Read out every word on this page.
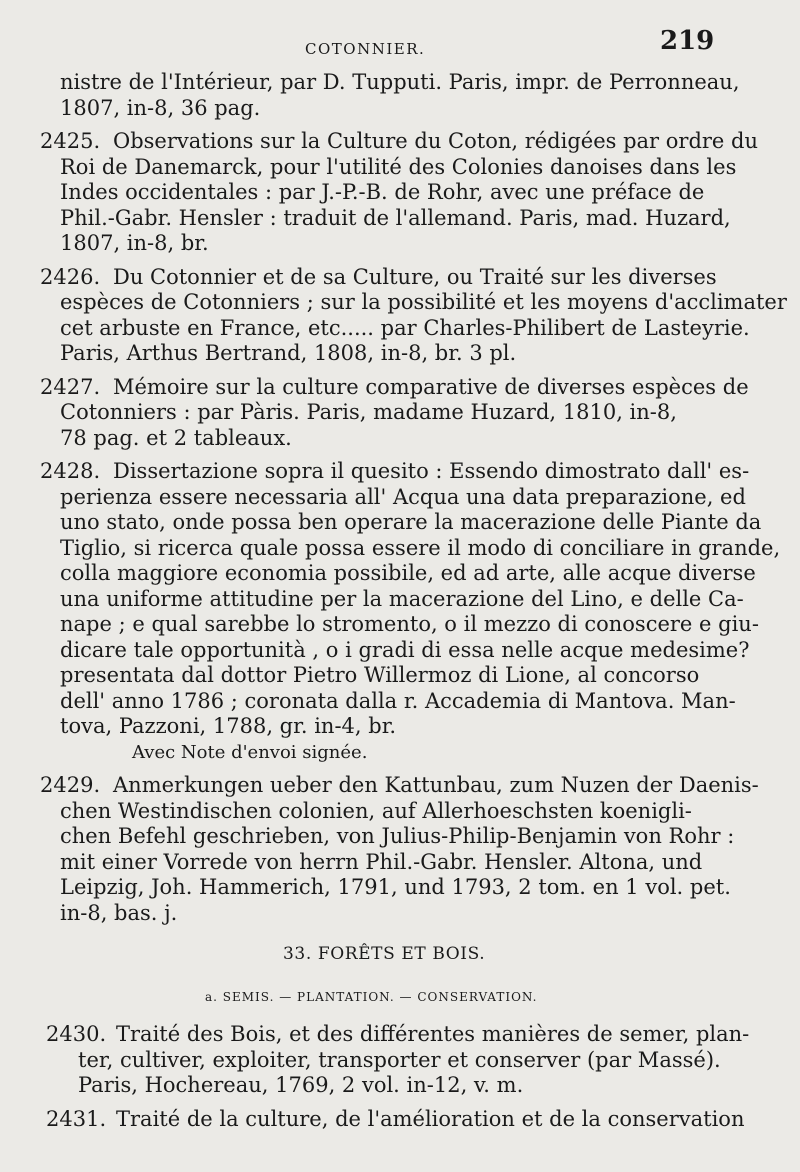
COTONNIER.	219
nistre de l'Intérieur, par D. Tupputi. Paris, impr. de Perronneau,
1807, in-8, 36 pag.
2425. Observations sur la Culture du Coton, rédigées par ordre du
Roi de Danemarck, pour l'utilité des Colonies danoises dans les
Indes occidentales : par J.-P.-B. de Rohr, avec une préface de
Phil.-Gabr. Hensler : traduit de l'allemand. Paris, mad. Huzard,
1807, in-8, br.
2426. Du Cotonnier et de sa Culture, ou Traité sur les diverses
espèces de Cotonniers ; sur la possibilité et les moyens d'acclimater
cet arbuste en France, etc..... par Charles-Philibert de Lasteyrie.
Paris, Arthus Bertrand, 1808, in-8, br. 3 pl.
2427. Mémoire sur la culture comparative de diverses espèces de
Cotonniers : par Pàris. Paris, madame Huzard, 1810, in-8,
78 pag. et 2 tableaux.
2428. Dissertazione sopra il quesito : Essendo dimostrato dall' es-
perienza essere necessaria all' Acqua una data preparazione, ed
uno stato, onde possa ben operare la macerazione delle Piante da
Tiglio, si ricerca quale possa essere il modo di conciliare in grande,
colla maggiore economia possibile, ed ad arte, alle acque diverse
una uniforme attitudine per la macerazione del Lino, e delle Ca-
nape ; e qual sarebbe lo stromento, o il mezzo di conoscere e giu-
dicare tale opportunità , o i gradi di essa nelle acque medesime?
presentata dal dottor Pietro Willermoz di Lione, al concorso
dell' anno 1786 ; coronata dalla r. Accademia di Mantova. Man-
tova, Pazzoni, 1788, gr. in-4, br.
Avec Note d'envoi signée.
2429. Anmerkungen ueber den Kattunbau, zum Nuzen der Daenis-
chen Westindischen colonien, auf Allerhoeschsten koenigli-
chen Befehl geschrieben, von Julius-Philip-Benjamin von Rohr :
mit einer Vorrede von herrn Phil.-Gabr. Hensler. Altona, und
Leipzig, Joh. Hammerich, 1791, und 1793, 2 tom. en 1 vol. pet.
in-8, bas. j.
33. FORÊTS ET BOIS.
a. SEMIS. — PLANTATION. — CONSERVATION.
2430. Traité des Bois, et des différentes manières de semer, plan-
ter, cultiver, exploiter, transporter et conserver (par Massé).
Paris, Hochereau, 1769, 2 vol. in-12, v. m.
2431. Traité de la culture, de l'amélioration et de la conservation
